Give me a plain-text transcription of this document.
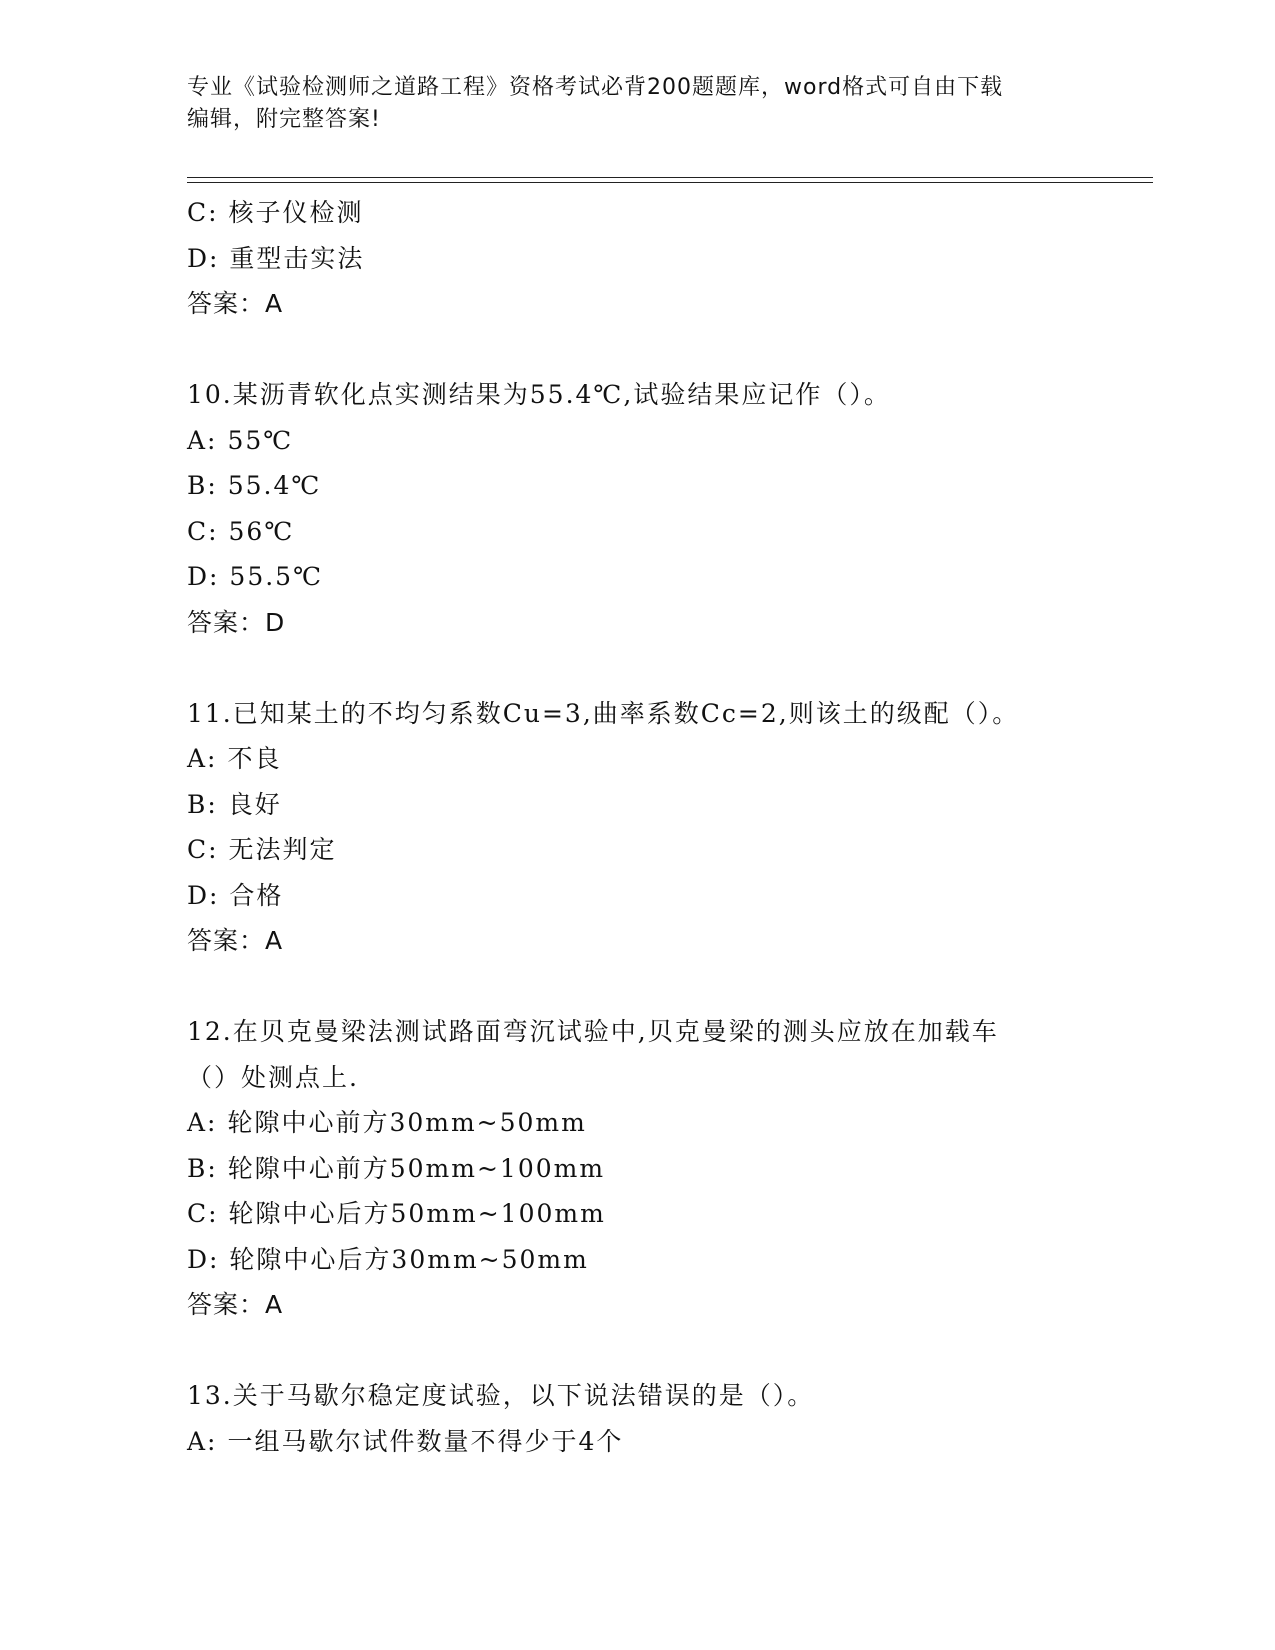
专业《试验检测师之道路工程》资格考试必背200题题库，word格式可自由下载
编辑，附完整答案!
C: 核子仪检测
D: 重型击实法
答案：A
10.某沥青软化点实测结果为55.4℃,试验结果应记作（）。
A: 55℃
B: 55.4℃
C: 56℃
D: 55.5℃
答案：D
11.已知某土的不均匀系数Cu=3,曲率系数Cc=2,则该土的级配（）。
A: 不良
B: 良好
C: 无法判定
D: 合格
答案：A
12.在贝克曼梁法测试路面弯沉试验中,贝克曼梁的测头应放在加载车
（）处测点上.
A: 轮隙中心前方30mm~50mm
B: 轮隙中心前方50mm~100mm
C: 轮隙中心后方50mm~100mm
D: 轮隙中心后方30mm~50mm
答案：A
13.关于马歇尔稳定度试验，以下说法错误的是（）。
A: 一组马歇尔试件数量不得少于4个
